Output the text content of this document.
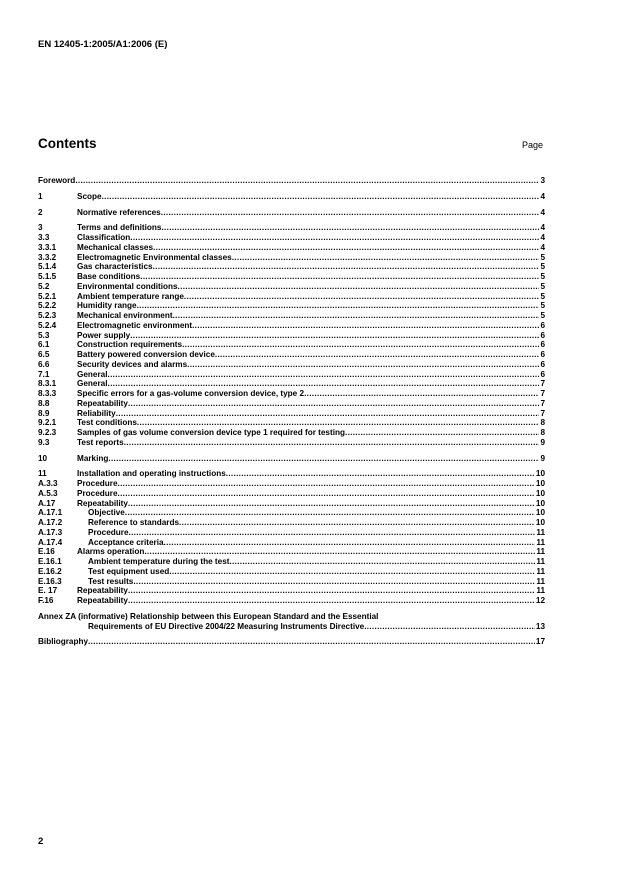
EN 12405-1:2005/A1:2006 (E)
Contents	Page
Foreword .....	3
1	Scope .....	4
2	Normative references .....	4
3	Terms and definitions .....	4
3.3	Classification .....	4
3.3.1	Mechanical classes .....	4
3.3.2	Electromagnetic Environmental classes .....	5
5.1.4	Gas characteristics .....	5
5.1.5	Base conditions .....	5
5.2	Environmental conditions .....	5
5.2.1	Ambient temperature range .....	5
5.2.2	Humidity range .....	5
5.2.3	Mechanical environment .....	5
5.2.4	Electromagnetic environment .....	6
5.3	Power supply .....	6
6.1	Construction requirements .....	6
6.5	Battery powered conversion device .....	6
6.6	Security devices and alarms .....	6
7.1	General .....	6
8.3.1	General .....	7
8.3.3	Specific errors for a gas-volume conversion device, type 2 .....	7
8.8	Repeatability .....	7
8.9	Reliability .....	7
9.2.1	Test conditions .....	8
9.2.3	Samples of gas volume conversion device type 1 required for testing .....	8
9.3	Test reports .....	9
10	Marking .....	9
11	Installation and operating instructions .....	10
A.3.3	Procedure .....	10
A.5.3	Procedure .....	10
A.17	Repeatability .....	10
A.17.1	Objective .....	10
A.17.2	Reference to standards .....	10
A.17.3	Procedure .....	11
A.17.4	Acceptance criteria .....	11
E.16	Alarms operation .....	11
E.16.1	Ambient temperature during the test .....	11
E.16.2	Test equipment used .....	11
E.16.3	Test results .....	11
E. 17	Repeatability .....	11
F.16	Repeatability .....	12
Annex ZA (informative) Relationship between this European Standard and the Essential
Requirements of EU Directive 2004/22 Measuring Instruments Directive .....	13
Bibliography .....	17
2
